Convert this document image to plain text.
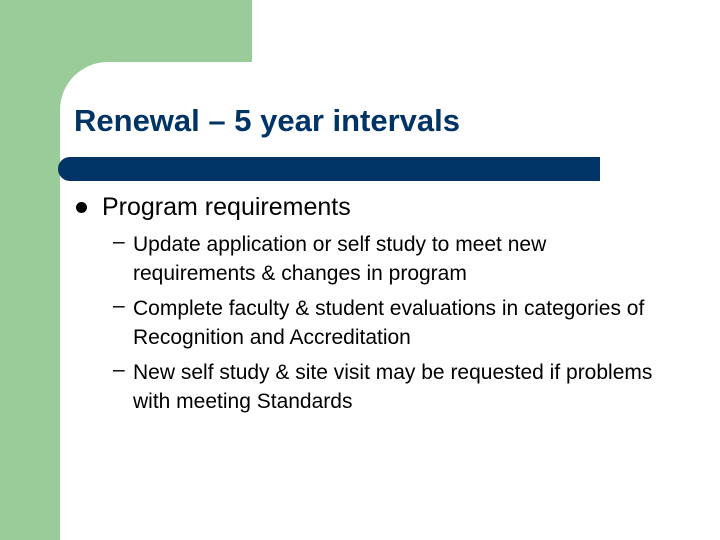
Renewal – 5 year intervals
Program requirements
– Update application or self study to meet new requirements & changes in program
– Complete faculty & student evaluations in categories of Recognition and Accreditation
– New self study & site visit may be requested if problems with meeting Standards
